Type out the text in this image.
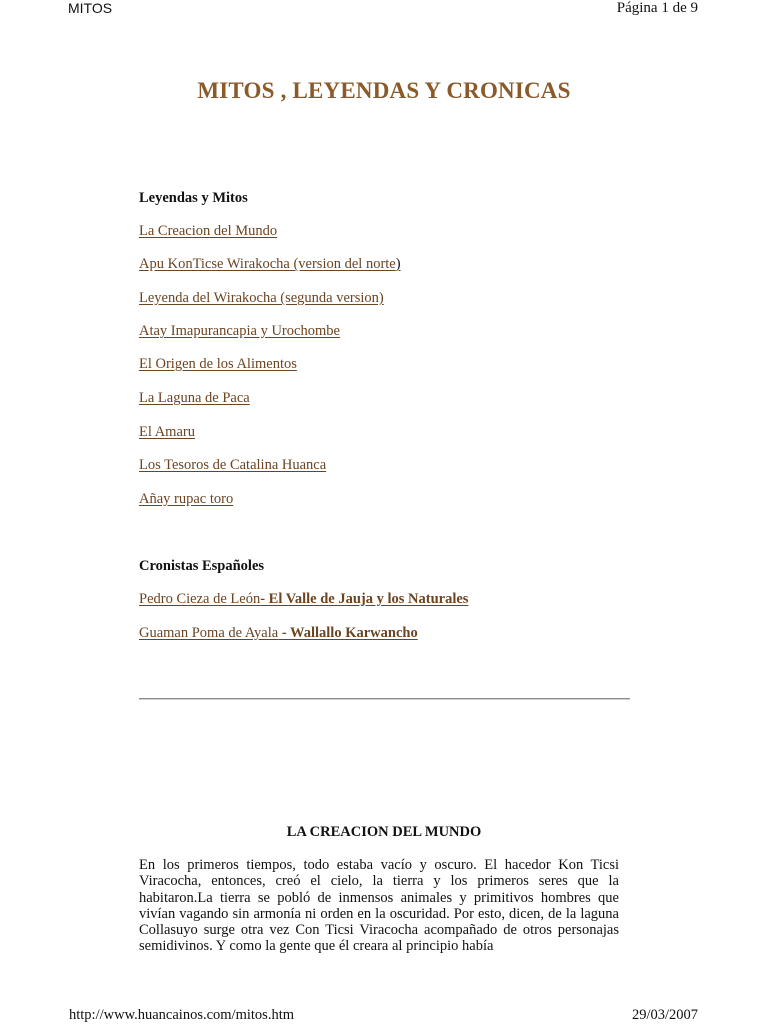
MITOS	Página 1 de 9
MITOS , LEYENDAS Y CRONICAS
Leyendas y Mitos
La Creacion del Mundo
Apu KonTicse Wirakocha (version del norte)
Leyenda del Wirakocha (segunda version)
Atay Imapurancapia y Urochombe
El Origen de los Alimentos
La Laguna de Paca
El Amaru
Los Tesoros de Catalina Huanca
Añay rupac toro
Cronistas Españoles
Pedro Cieza de León- El Valle de Jauja y los Naturales
Guaman Poma de Ayala - Wallallo Karwancho
LA CREACION DEL MUNDO
En los primeros tiempos, todo estaba vacío y oscuro. El hacedor Kon Ticsi Viracocha, entonces, creó el cielo, la tierra y los primeros seres que la habitaron.La tierra se pobló de inmensos animales y primitivos hombres que vivían vagando sin armonía ni orden en la oscuridad. Por esto, dicen, de la laguna Collasuyo surge otra vez Con Ticsi Viracocha acompañado de otros personajas semidivinos. Y como la gente que él creara al principio había
http://www.huancainos.com/mitos.htm	29/03/2007
